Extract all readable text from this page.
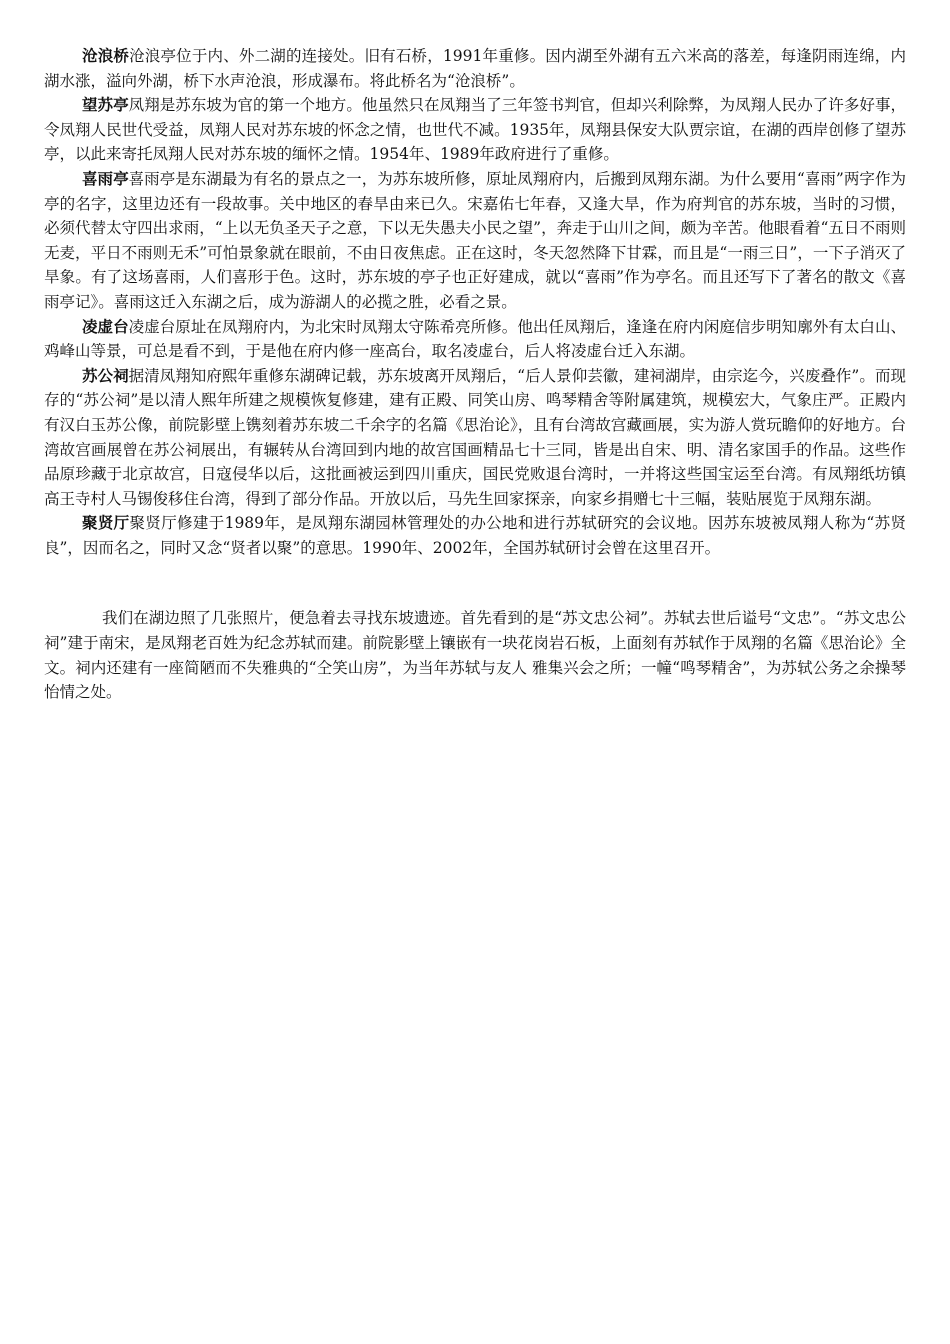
沧浪桥沧浪亭位于内、外二湖的连接处。旧有石桥，1991年重修。因内湖至外湖有五六米高的落差，每逢阴雨连绵，内湖水涨，溢向外湖，桥下水声沧浪，形成瀑布。将此桥名为“沧浪桥”。

望苏亭凤翔是苏东坡为官的第一个地方。他虽然只在凤翔当了三年签书判官，但却兴利除弊，为凤翔人民办了许多好事，令凤翔人民世代受益，凤翔人民对苏东坡的怀念之情，也世代不减。1935年，凤翔县保安大队贾宗谊，在湖的西岸创修了望苏亭，以此来寄托凤翔人民对苏东坡的缅怀之情。1954年、1989年政府进行了重修。

喜雨亭喜雨亭是东湖最为有名的景点之一，为苏东坡所修，原址凤翔府内，后搬到凤翔东湖。为什么要用“喜雨”两字作为亭的名字，这里边还有一段故事。关中地区的春旱由来已久。宋嘉佑七年春，又逢大旱，作为府判官的苏东坡，当时的习惯，必须代替太守四出求雨，“上以无负圣天子之意，下以无失愚夫小民之望”，奔走于山川之间，颇为辛苦。他眼看着“五日不雨则无麦，平日不雨则无禾”可怕景象就在眼前，不由日夜焦虑。正在这时，冬天忽然降下甘霖，而且是“一雨三日”，一下子消灭了旱象。有了这场喜雨，人们喜形于色。这时，苏东坡的亭子也正好建成，就以“喜雨”作为亭名。而且还写下了著名的散文《喜雨亭记》。喜雨这迁入东湖之后，成为游湖人的必揽之胜，必看之景。

凌虚台凌虚台原址在凤翔府内，为北宋时凤翔太守陈希亮所修。他出任凤翔后，逢逢在府内闲庭信步明知廓外有太白山、鸡峰山等景，可总是看不到，于是他在府内修一座高台，取名凌虚台，后人将凌虚台迁入东湖。

苏公祠据清凤翔知府熙年重修东湖碑记载，苏东坡离开凤翔后，“后人景仰芸徽，建祠湖岸，由宗迄今，兴废叠作”。而现存的“苏公祠”是以清人熙年所建之规模恢复修建，建有正殿、同笑山房、鸣琴精舍等附属建筑，规模宏大，气象庄严。正殿内有汉白玉苏公像，前院影壁上镌刻着苏东坡二千余字的名篇《思治论》，且有台湾故宫藏画展，实为游人赏玩瞻仰的好地方。台湾故宫画展曾在苏公祠展出，有辗转从台湾回到内地的故宫国画精品七十三同，皆是出自宋、明、清名家国手的作品。这些作品原珍藏于北京故宫，日寇侵华以后，这批画被运到四川重庆，国民党败退台湾时，一并将这些国宝运至台湾。有凤翔纸坊镇高王寺村人马锡俊移住台湾，得到了部分作品。开放以后，马先生回家探亲，向家乡捐赠七十三幅，装贴展览于凤翔东湖。

聚贤厅聚贤厅修建于1989年，是凤翔东湖园林管理处的办公地和进行苏轼研究的会议地。因苏东坡被凤翔人称为“苏贤良”，因而名之，同时又念“贤者以聚”的意思。1990年、2002年，全国苏轼研讨会曾在这里召开。

我们在湖边照了几张照片，便急着去寻找东坡遗迹。首先看到的是“苏文忠公祠”。苏轼去世后谥号“文忠”。“苏文忠公祠”建于南宋，是凤翔老百姓为纪念苏轼而建。前院影壁上镶嵌有一块花岗岩石板，上面刻有苏轼作于凤翔的名篇《思治论》全文。祠内还建有一座简陋而不失雅典的“仝笑山房”，为当年苏轼与友人 雅集兴会之所；一幢“鸣琴精舍”，为苏轼公务之余操琴怡情之处。
